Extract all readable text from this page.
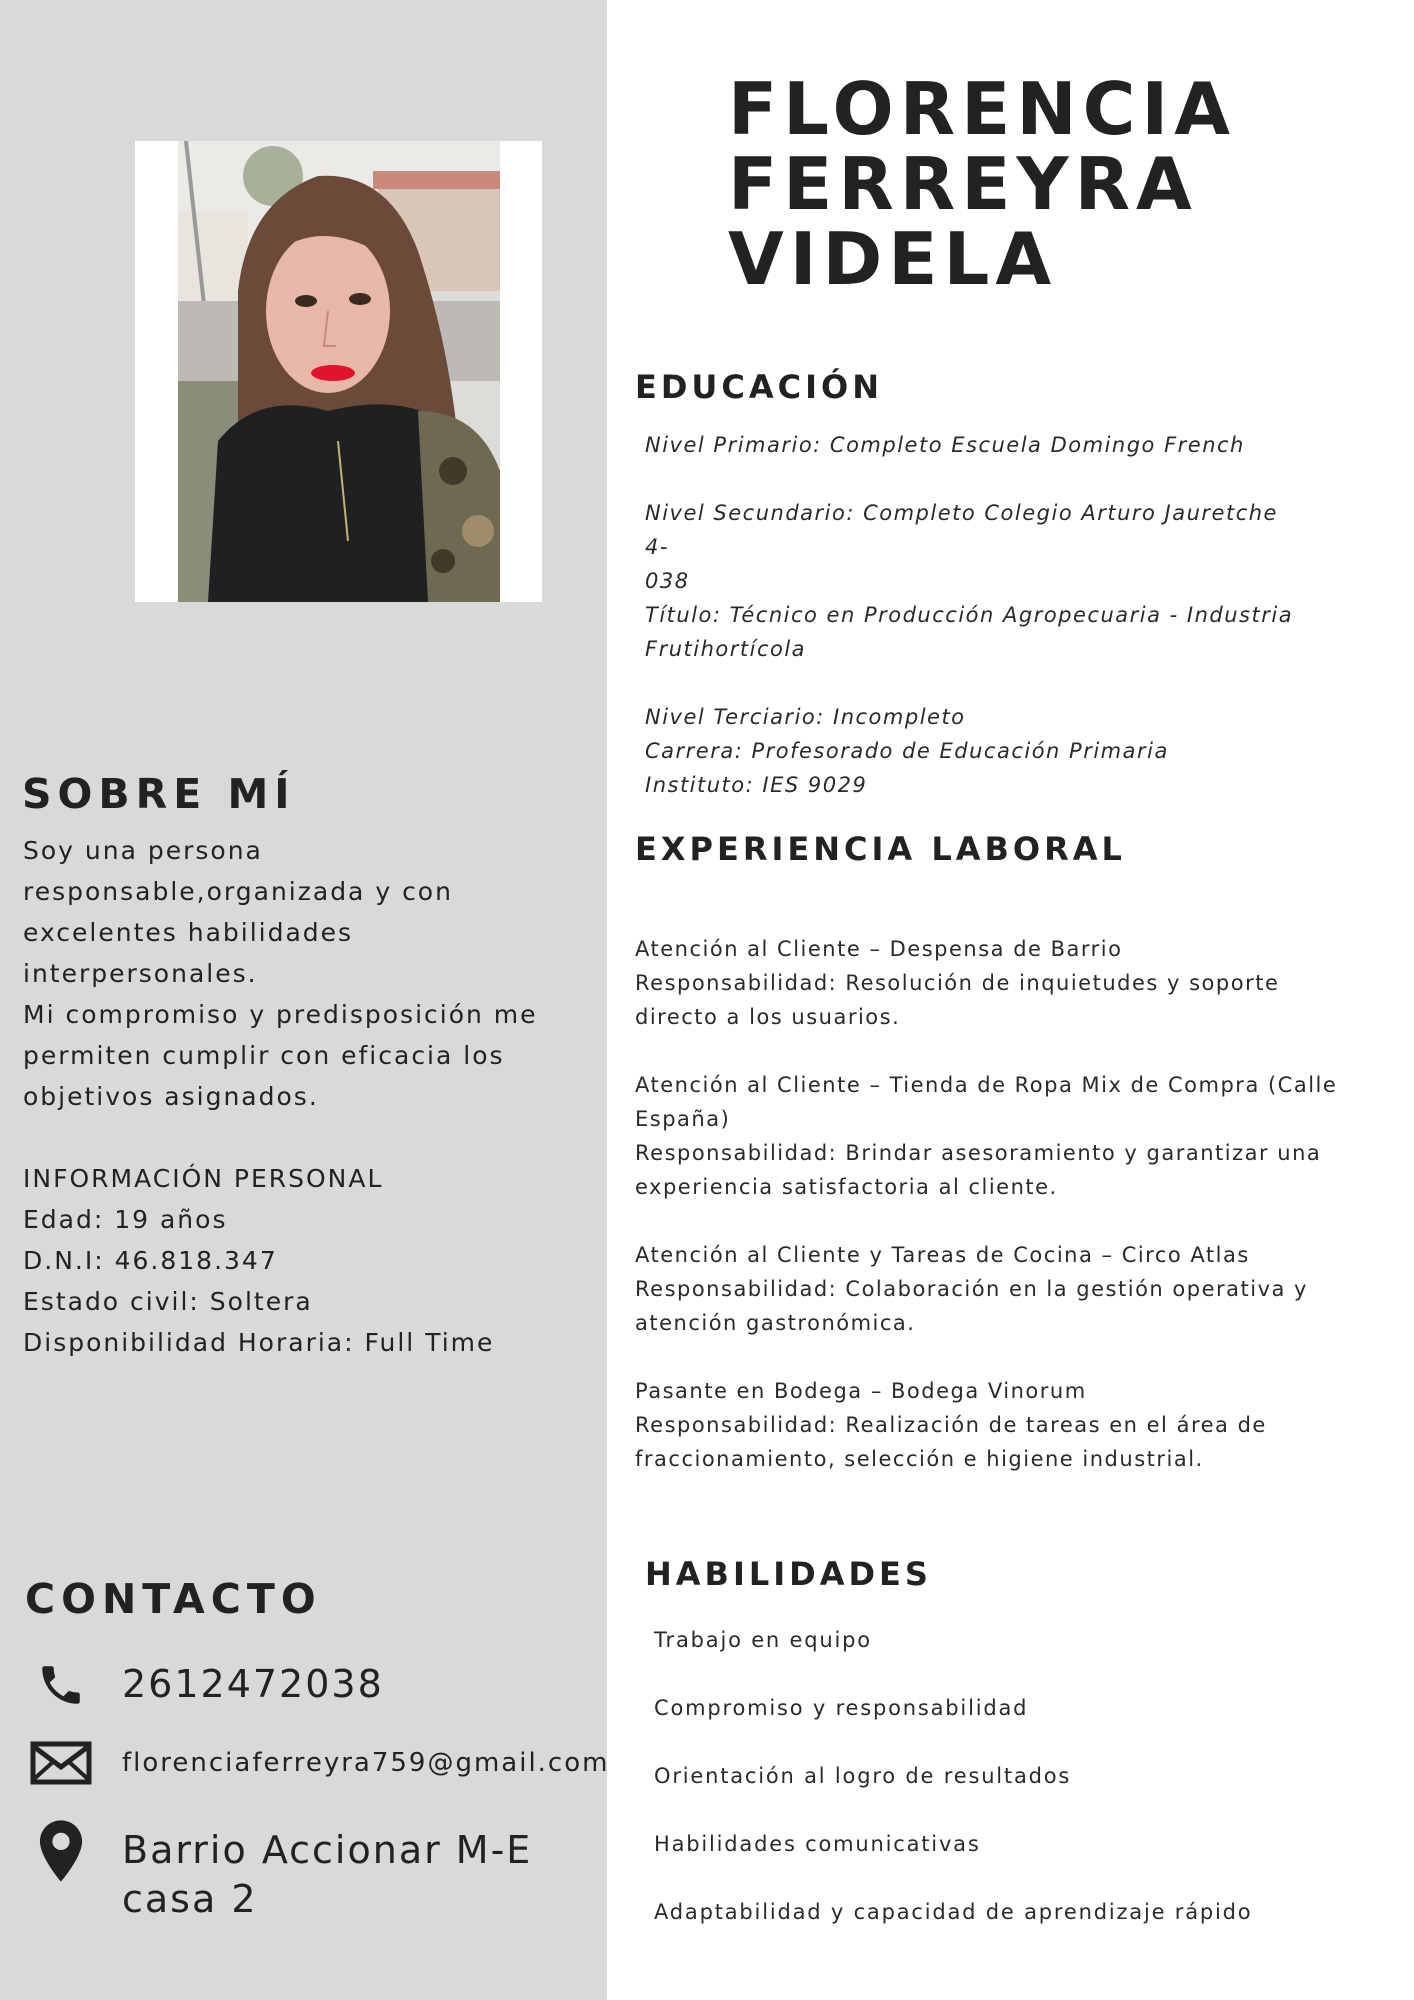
SOBRE MÍ

Soy una persona responsable,organizada y con excelentes habilidades interpersonales.

Mi compromiso y predisposición me permiten cumplir con eficacia los objetivos asignados.

INFORMACIÓN PERSONAL
Edad: 19 años
D.N.I: 46.818.347
Estado civil: Soltera
Disponibilidad Horaria: Full Time
CONTACTO
2612472038
florenciaferreyra759@gmail.com
Barrio Accionar M-E
casa 2
FLORENCIA
FERREYRA
VIDELA
EDUCACIÓN
Nivel Primario: Completo Escuela Domingo French
Nivel Secundario: Completo Colegio Arturo Jauretche 4-
038
Título: Técnico en Producción Agropecuaria - Industria
Frutihortícola
Nivel Terciario: Incompleto
Carrera: Profesorado de Educación Primaria
Instituto: IES 9029
EXPERIENCIA LABORAL
Atención al Cliente – Despensa de Barrio
Responsabilidad: Resolución de inquietudes y soporte directo a los usuarios.
Atención al Cliente – Tienda de Ropa Mix de Compra (Calle España)
Responsabilidad: Brindar asesoramiento y garantizar una experiencia satisfactoria al cliente.
Atención al Cliente y Tareas de Cocina – Circo Atlas
Responsabilidad: Colaboración en la gestión operativa y atención gastronómica.
Pasante en Bodega – Bodega Vinorum
Responsabilidad: Realización de tareas en el área de fraccionamiento, selección e higiene industrial.
HABILIDADES
Trabajo en equipo
Compromiso y responsabilidad
Orientación al logro de resultados
Habilidades comunicativas
Adaptabilidad y capacidad de aprendizaje rápido
